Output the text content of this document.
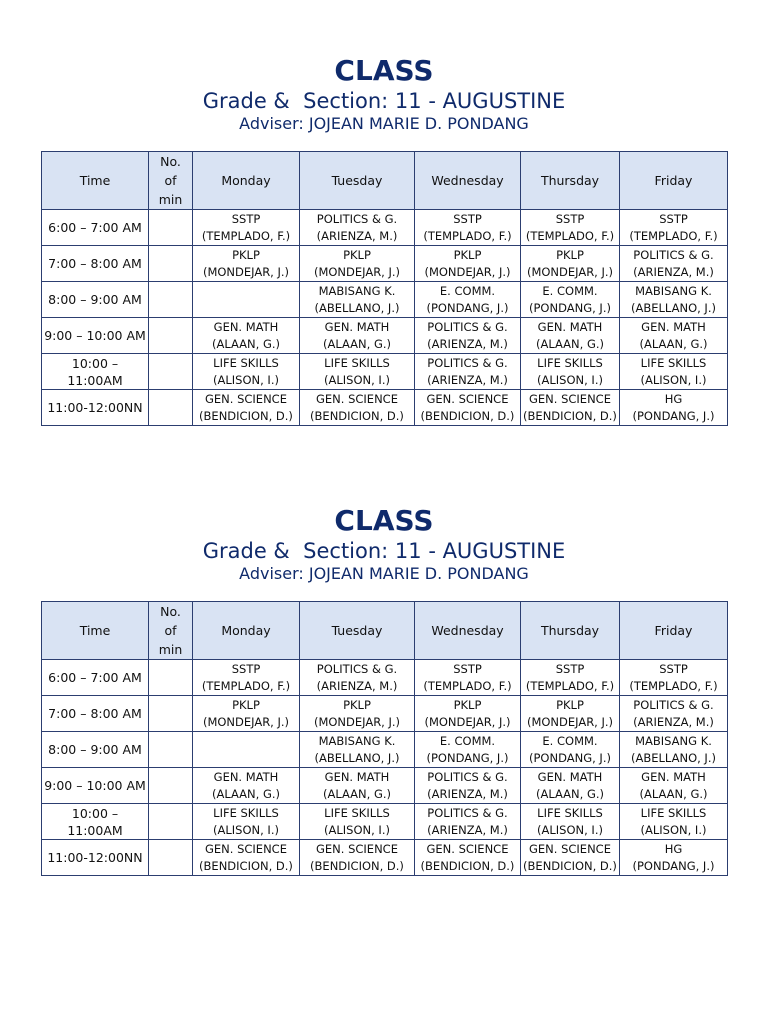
CLASS
Grade &  Section: 11 - AUGUSTINE
Adviser: JOJEAN MARIE D. PONDANG
Time	No.
of
min	Monday	Tuesday	Wednesday	Thursday	Friday
6:00 – 7:00 AM		SSTP
(TEMPLADO, F.)	POLITICS & G.
(ARIENZA, M.)	SSTP
(TEMPLADO, F.)	SSTP
(TEMPLADO, F.)	SSTP
(TEMPLADO, F.)

7:00 – 8:00 AM		PKLP
(MONDEJAR, J.)	PKLP
(MONDEJAR, J.)	PKLP
(MONDEJAR, J.)	PKLP
(MONDEJAR, J.)	POLITICS & G.
(ARIENZA, M.)

8:00 – 9:00 AM			MABISANG K.
(ABELLANO, J.)	E. COMM.
(PONDANG, J.)	E. COMM.
(PONDANG, J.)	MABISANG K.
(ABELLANO, J.)

9:00 – 10:00 AM		GEN. MATH
(ALAAN, G.)	GEN. MATH
(ALAAN, G.)	POLITICS & G.
(ARIENZA, M.)	GEN. MATH
(ALAAN, G.)	GEN. MATH
(ALAAN, G.)

10:00 – 11:00AM		LIFE SKILLS
(ALISON, I.)	LIFE SKILLS
(ALISON, I.)	POLITICS & G.
(ARIENZA, M.)	LIFE SKILLS
(ALISON, I.)	LIFE SKILLS
(ALISON, I.)

11:00-12:00NN		GEN. SCIENCE
(BENDICION, D.)	GEN. SCIENCE
(BENDICION, D.)	GEN. SCIENCE
(BENDICION, D.)	GEN. SCIENCE
(BENDICION, D.)	HG
(PONDANG, J.)
CLASS
Grade &  Section: 11 - AUGUSTINE
Adviser: JOJEAN MARIE D. PONDANG
Time	No.
of
min	Monday	Tuesday	Wednesday	Thursday	Friday
6:00 – 7:00 AM		SSTP
(TEMPLADO, F.)	POLITICS & G.
(ARIENZA, M.)	SSTP
(TEMPLADO, F.)	SSTP
(TEMPLADO, F.)	SSTP
(TEMPLADO, F.)

7:00 – 8:00 AM		PKLP
(MONDEJAR, J.)	PKLP
(MONDEJAR, J.)	PKLP
(MONDEJAR, J.)	PKLP
(MONDEJAR, J.)	POLITICS & G.
(ARIENZA, M.)

8:00 – 9:00 AM			MABISANG K.
(ABELLANO, J.)	E. COMM.
(PONDANG, J.)	E. COMM.
(PONDANG, J.)	MABISANG K.
(ABELLANO, J.)

9:00 – 10:00 AM		GEN. MATH
(ALAAN, G.)	GEN. MATH
(ALAAN, G.)	POLITICS & G.
(ARIENZA, M.)	GEN. MATH
(ALAAN, G.)	GEN. MATH
(ALAAN, G.)

10:00 – 11:00AM		LIFE SKILLS
(ALISON, I.)	LIFE SKILLS
(ALISON, I.)	POLITICS & G.
(ARIENZA, M.)	LIFE SKILLS
(ALISON, I.)	LIFE SKILLS
(ALISON, I.)

11:00-12:00NN		GEN. SCIENCE
(BENDICION, D.)	GEN. SCIENCE
(BENDICION, D.)	GEN. SCIENCE
(BENDICION, D.)	GEN. SCIENCE
(BENDICION, D.)	HG
(PONDANG, J.)
